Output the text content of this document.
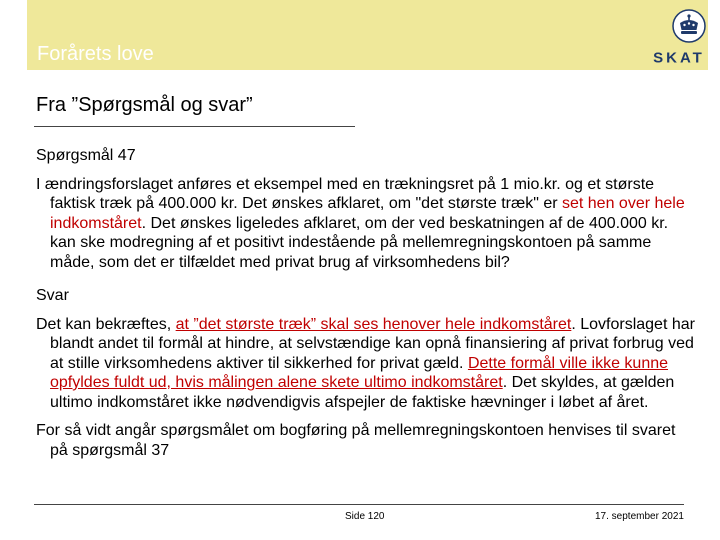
Forårets love	SKAT
Fra ”Spørgsmål og svar”

Spørgsmål 47

I ændringsforslaget anføres et eksempel med en trækningsret på 1 mio.kr. og et største faktisk træk på 400.000 kr. Det ønskes afklaret, om "det største træk" er set hen over hele indkomståret. Det ønskes ligeledes afklaret, om der ved beskatningen af de 400.000 kr. kan ske modregning af et positivt indestående på mellemregningskontoen på samme måde, som det er tilfældet med privat brug af virksomhedens bil?

Svar

Det kan bekræftes, at ”det største træk” skal ses henover hele indkomståret. Lovforslaget har blandt andet til formål at hindre, at selvstændige kan opnå finansiering af privat forbrug ved at stille virksomhedens aktiver til sikkerhed for privat gæld. Dette formål ville ikke kunne opfyldes fuldt ud, hvis målingen alene skete ultimo indkomståret. Det skyldes, at gælden ultimo indkomståret ikke nødvendigvis afspejler de faktiske hævninger i løbet af året.

For så vidt angår spørgsmålet om bogføring på mellemregningskontoen henvises til svaret på spørgsmål 37

Side 120	17. september 2021
